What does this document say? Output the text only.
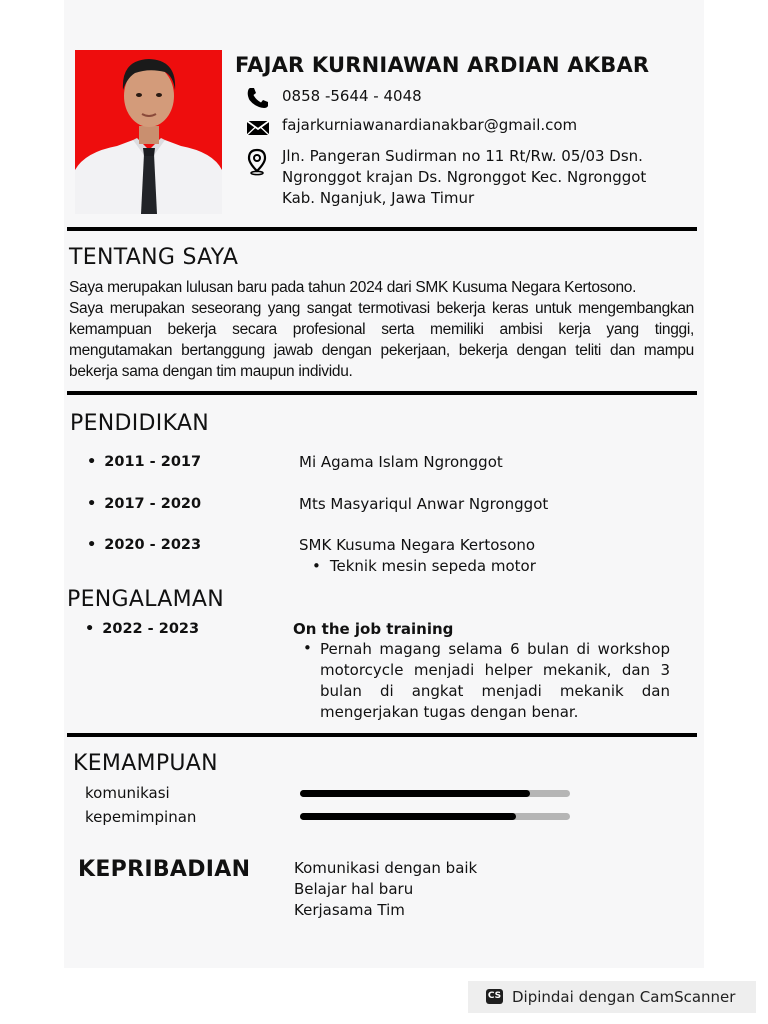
FAJAR KURNIAWAN ARDIAN AKBAR
0858 -5644 - 4048
fajarkurniawanardianakbar@gmail.com
Jln. Pangeran Sudirman no 11 Rt/Rw. 05/03 Dsn.
Ngronggot krajan Ds. Ngronggot Kec. Ngronggot
Kab. Nganjuk, Jawa Timur
TENTANG SAYA

Saya merupakan lulusan baru pada tahun 2024 dari SMK Kusuma Negara Kertosono.

Saya merupakan seseorang yang sangat termotivasi bekerja keras untuk mengembangkan kemampuan bekerja secara profesional serta memiliki ambisi kerja yang tinggi, mengutamakan bertanggung jawab dengan pekerjaan, bekerja dengan teliti dan mampu bekerja sama dengan tim maupun individu.

PENDIDIKAN
• 2011 - 2017	Mi Agama Islam Ngronggot
• 2017 - 2020	Mts Masyariqul Anwar Ngronggot
• 2020 - 2023	SMK Kusuma Negara Kertosono
• Teknik mesin sepeda motor
PENGALAMAN
• 2022 - 2023	On the job training
• Pernah magang selama 6 bulan di workshop motorcycle menjadi helper mekanik, dan 3 bulan di angkat menjadi mekanik dan mengerjakan tugas dengan benar.
KEMAMPUAN
komunikasi
kepemimpinan
KEPRIBADIAN	Komunikasi dengan baik
Belajar hal baru
Kerjasama Tim
CS Dipindai dengan CamScanner
